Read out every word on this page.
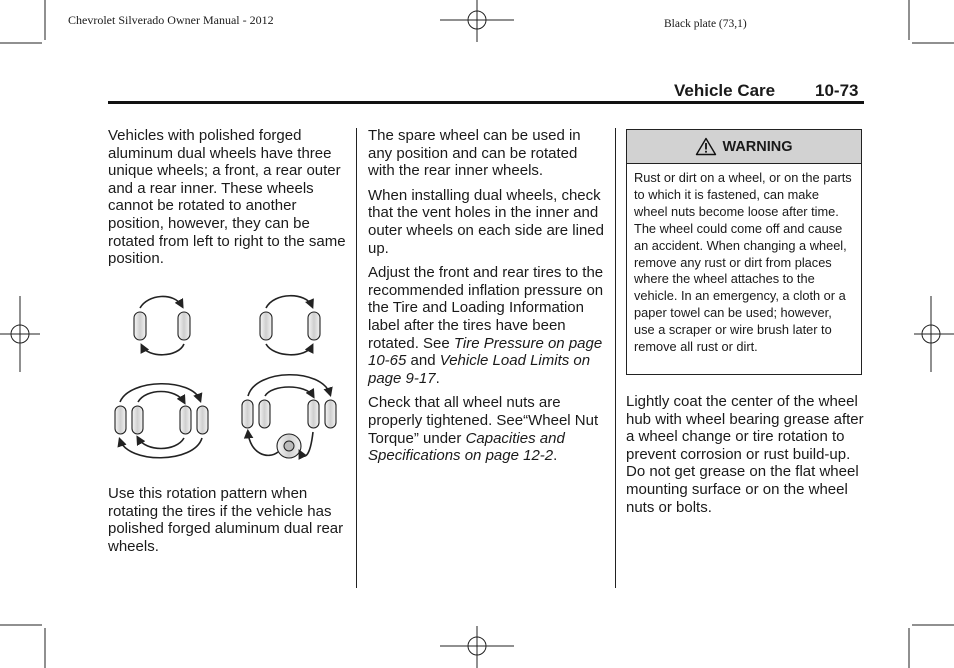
Chevrolet Silverado Owner Manual - 2012	Black plate (73,1)
Vehicle Care 10-73

Vehicles with polished forged aluminum dual wheels have three unique wheels; a front, a rear outer and a rear inner. These wheels cannot be rotated to another position, however, they can be rotated from left to right to the same position.

Use this rotation pattern when rotating the tires if the vehicle has polished forged aluminum dual rear wheels.

The spare wheel can be used in any position and can be rotated with the rear inner wheels.

When installing dual wheels, check that the vent holes in the inner and outer wheels on each side are lined up.

Adjust the front and rear tires to the recommended inflation pressure on the Tire and Loading Information label after the tires have been rotated. See Tire Pressure on page 10-65 and Vehicle Load Limits on page 9-17.

Check that all wheel nuts are properly tightened. See“Wheel Nut Torque” under Capacities and Specifications on page 12-2.

WARNING
Rust or dirt on a wheel, or on the parts to which it is fastened, can make wheel nuts become loose after time. The wheel could come off and cause an accident. When changing a wheel, remove any rust or dirt from places where the wheel attaches to the vehicle. In an emergency, a cloth or a paper towel can be used; however, use a scraper or wire brush later to remove all rust or dirt.

Lightly coat the center of the wheel hub with wheel bearing grease after a wheel change or tire rotation to prevent corrosion or rust build-up. Do not get grease on the flat wheel mounting surface or on the wheel nuts or bolts.
